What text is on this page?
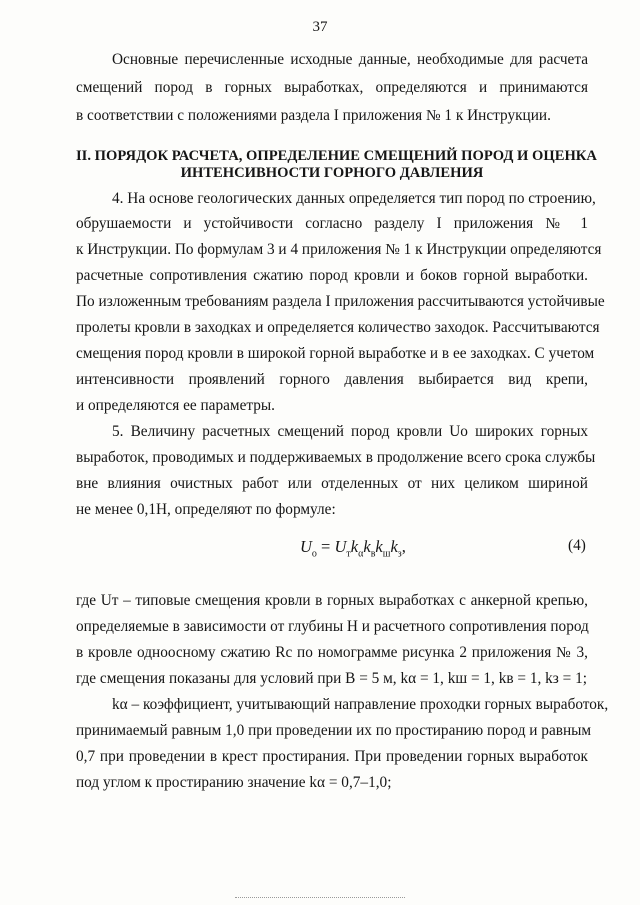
37
Основные перечисленные исходные данные, необходимые для расчета
смещений пород в горных выработках, определяются и принимаются
в соответствии с положениями раздела I приложения № 1 к Инструкции.
II. ПОРЯДОК РАСЧЕТА, ОПРЕДЕЛЕНИЕ СМЕЩЕНИЙ ПОРОД И ОЦЕНКА
ИНТЕНСИВНОСТИ ГОРНОГО ДАВЛЕНИЯ
4. На основе геологических данных определяется тип пород по строению,
обрушаемости и устойчивости согласно разделу I приложения № 1
к Инструкции. По формулам 3 и 4 приложения № 1 к Инструкции определяются
расчетные сопротивления сжатию пород кровли и боков горной выработки.
По изложенным требованиям раздела I приложения рассчитываются устойчивые
пролеты кровли в заходках и определяется количество заходок. Рассчитываются
смещения пород кровли в широкой горной выработке и в ее заходках. С учетом
интенсивности проявлений горного давления выбирается вид крепи,
и определяются ее параметры.
5. Величину расчетных смещений пород кровли Uо широких горных
выработок, проводимых и поддерживаемых в продолжение всего срока службы
вне влияния очистных работ или отделенных от них целиком шириной
не менее 0,1H, определяют по формуле:
$U_о = U_тk_\alpha k_вk_шk_з$,	(4)
где Uт – типовые смещения кровли в горных выработках с анкерной крепью,
определяемые в зависимости от глубины H и расчетного сопротивления пород
в кровле одноосному сжатию Rс по номограмме рисунка 2 приложения № 3,
где смещения показаны для условий при B = 5 м, kα = 1, kш = 1, kв = 1, kз = 1;
kα – коэффициент, учитывающий направление проходки горных выработок,
принимаемый равным 1,0 при проведении их по простиранию пород и равным
0,7 при проведении в крест простирания. При проведении горных выработок
под углом к простиранию значение kα = 0,7–1,0;
